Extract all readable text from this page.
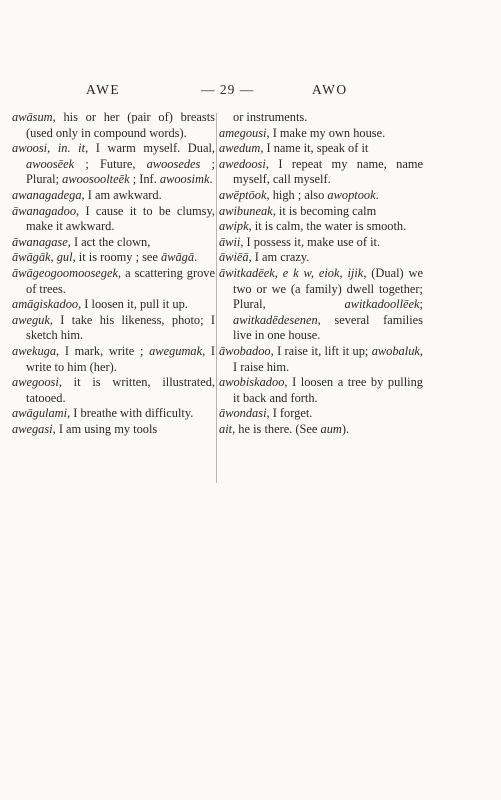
AWE	— 29 —	AWO

awāsum, his or her (pair of) breasts (used only in compound words).

awoosi, in. it, I warm myself. Dual, awoosēek ; Future, awoosedes ; Plural; awoosoolteēk ; Inf. awoosimk.

awanagadega, I am awkward.

āwanagadoo, I cause it to be clumsy, make it awkward.

āwanagase, I act the clown,

āwāgāk, gul, it is roomy ; see āwāgā.

āwāgeogoomoosegek, a scattering grove of trees.

amāgiskadoo, I loosen it, pull it up.

aweguk, I take his likeness, photo; I sketch him.

awekuga, I mark, write ; awegumak, I write to him (her).

awegoosi, it is written, illustrated, tatooed.

awāgulami, I breathe with difficulty.

awegasi, I am using my tools

or instruments.

amegousi, I make my own house.

awedum, I name it, speak of it

awedoosi, I repeat my name, name myself, call myself.

awēptōok, high ; also awoptook.

awibuneak, it is becoming calm

awipk, it is calm, the water is smooth.

āwii, I possess it, make use of it.

āwiēā, I am crazy.

āwitkadēek, e k w, eiok, ijik, (Dual) we two or we (a family) dwell together; Plural, awitkadoollēek; awitkadēdesenen, several families live in one house.

āwobadoo, I raise it, lift it up; awobaluk, I raise him.

awobiskadoo, I loosen a tree by pulling it back and forth.

āwondasi, I forget.

ait, he is there. (See aum).
